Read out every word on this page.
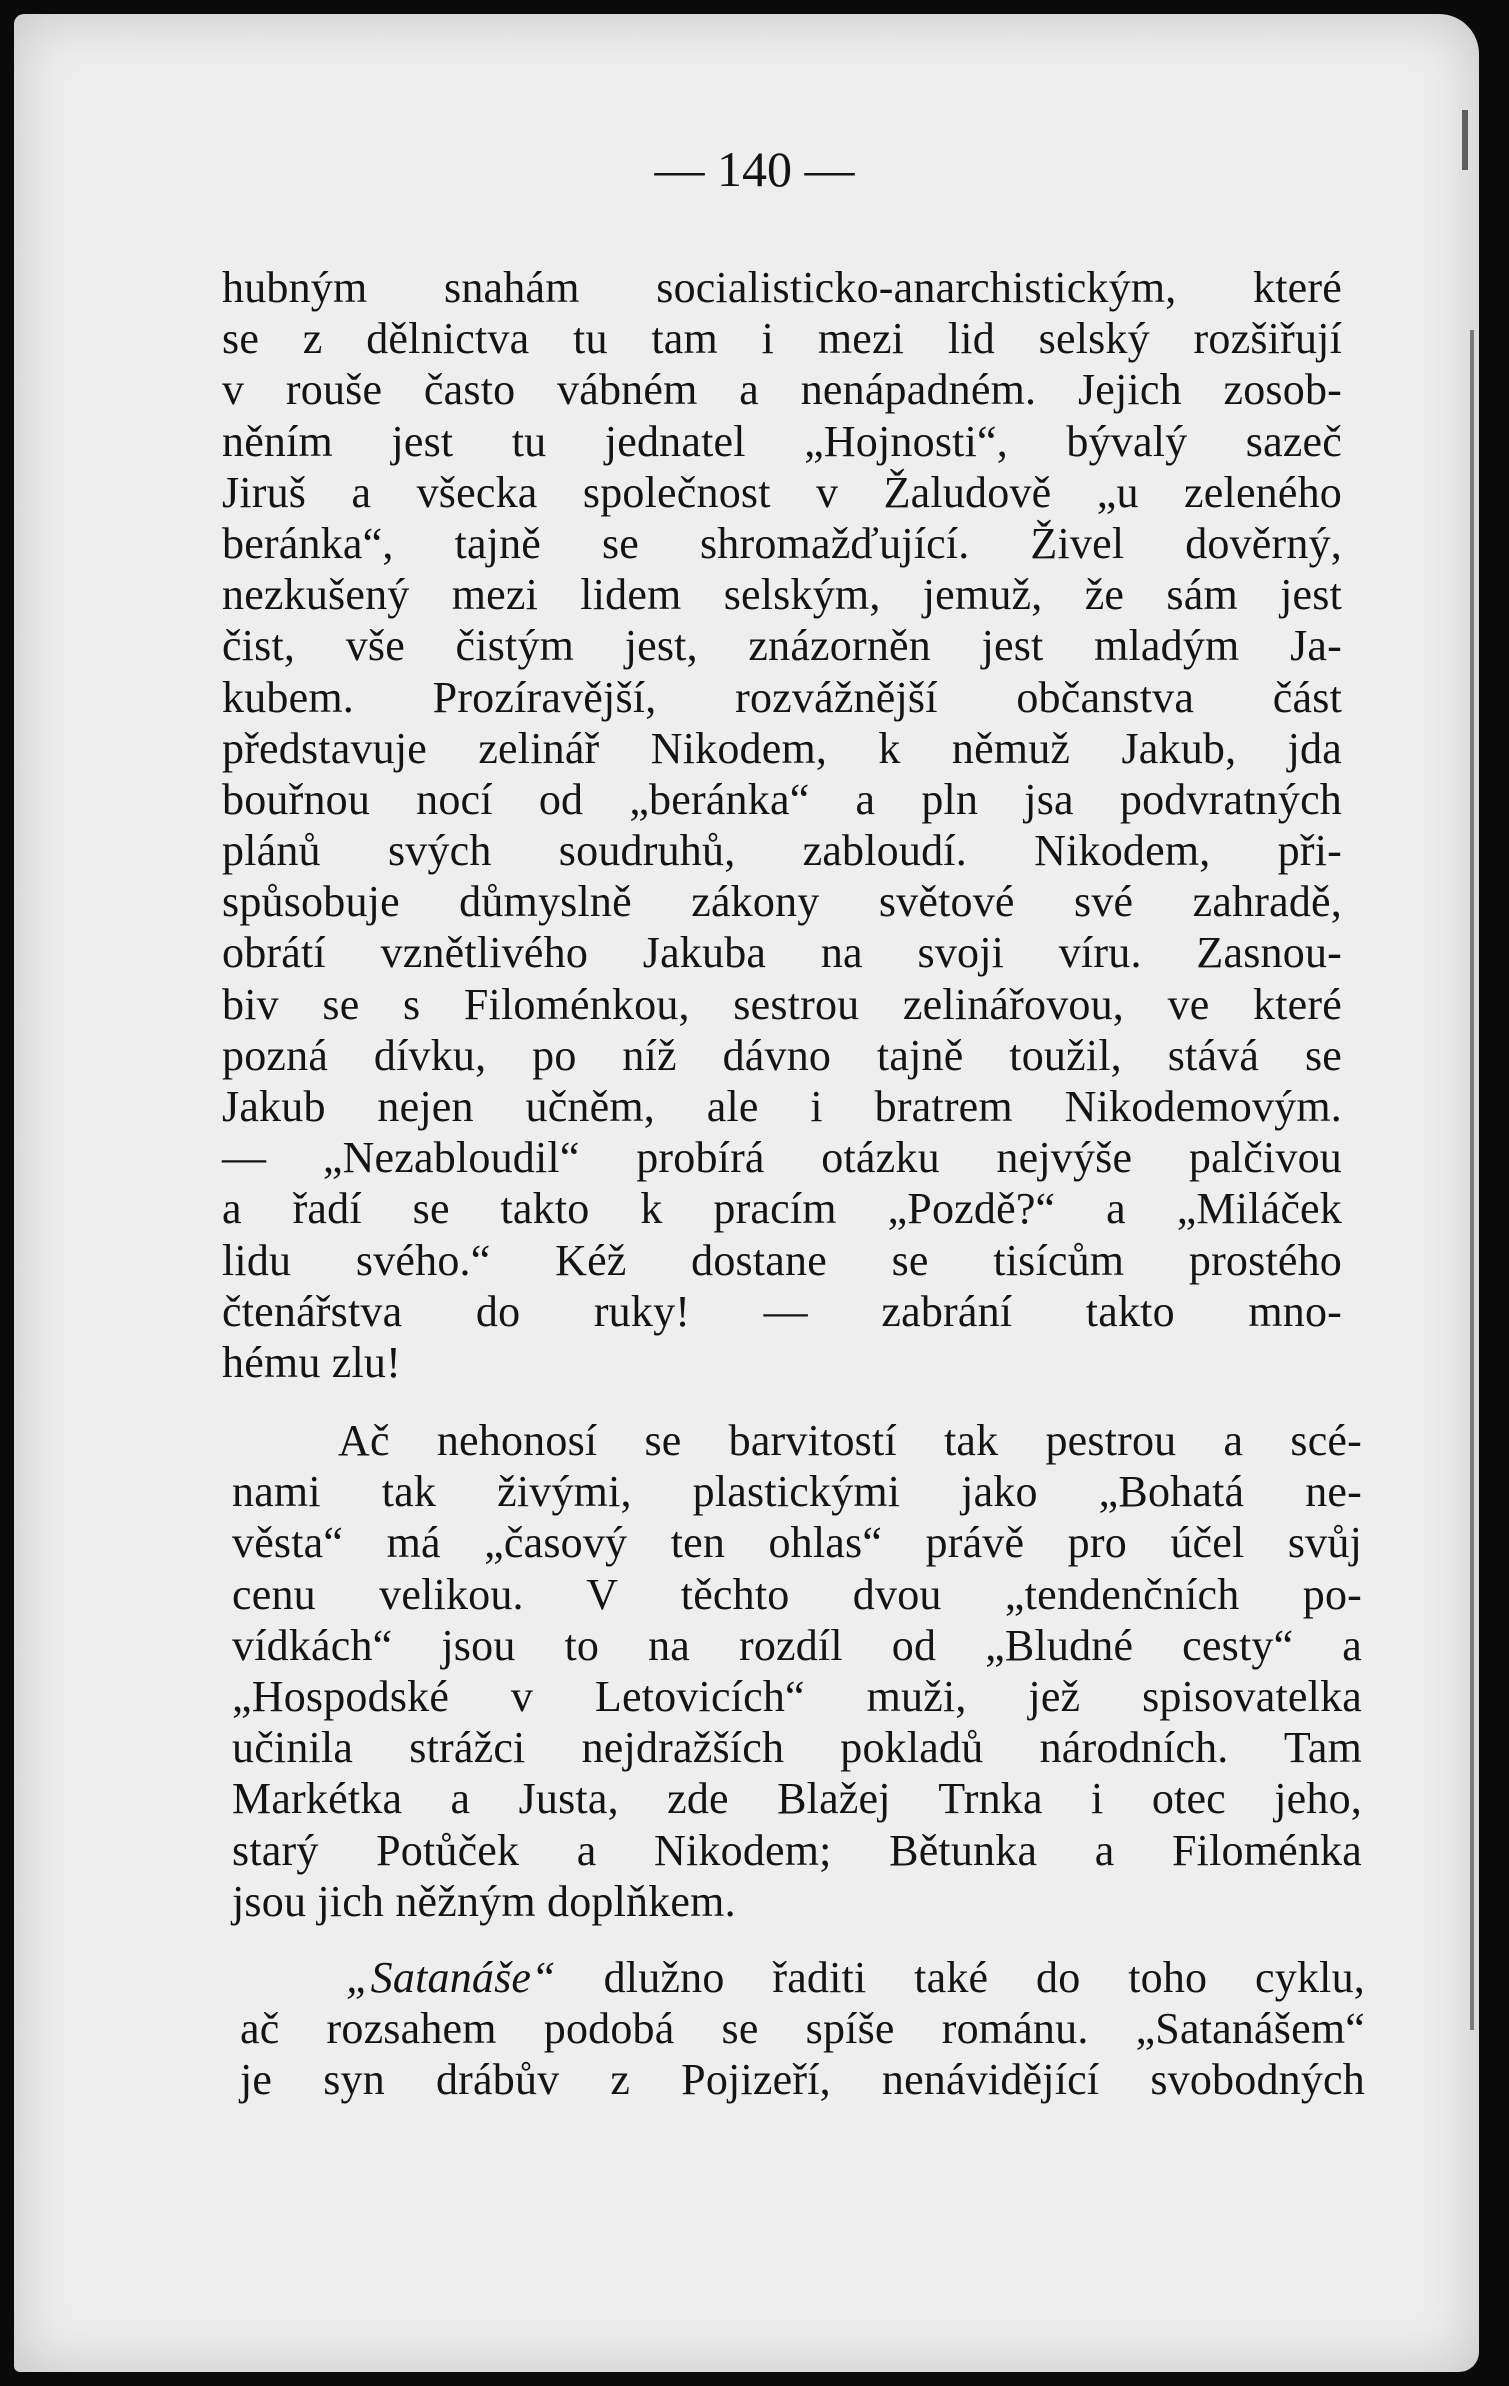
— 140 —
hubným snahám socialisticko-anarchistickým, které
se z dělnictva tu tam i mezi lid selský rozšiřují
v rouše často vábném a nenápadném. Jejich zosob-
něním jest tu jednatel „Hojnosti“, bývalý sazeč
Jiruš a všecka společnost v Žaludově „u zeleného
beránka“, tajně se shromažďující. Živel dověrný,
nezkušený mezi lidem selským, jemuž, že sám jest
čist, vše čistým jest, znázorněn jest mladým Ja-
kubem. Prozíravější, rozvážnější občanstva část
představuje zelinář Nikodem, k němuž Jakub, jda
bouřnou nocí od „beránka“ a pln jsa podvratných
plánů svých soudruhů, zabloudí. Nikodem, při-
spůsobuje důmyslně zákony světové své zahradě,
obrátí vznětlivého Jakuba na svoji víru. Zasnou-
biv se s Filoménkou, sestrou zelinářovou, ve které
pozná dívku, po níž dávno tajně toužil, stává se
Jakub nejen učněm, ale i bratrem Nikodemovým.
— „Nezabloudil“ probírá otázku nejvýše palčivou
a řadí se takto k pracím „Pozdě?“ a „Miláček
lidu svého.“ Kéž dostane se tisícům prostého
čtenářstva do ruky! — zabrání takto mno-
hému zlu!
Ač nehonosí se barvitostí tak pestrou a scé-
nami tak živými, plastickými jako „Bohatá ne-
věsta“ má „časový ten ohlas“ právě pro účel svůj
cenu velikou. V těchto dvou „tendenčních po-
vídkách“ jsou to na rozdíl od „Bludné cesty“ a
„Hospodské v Letovicích“ muži, jež spisovatelka
učinila strážci nejdražších pokladů národních. Tam
Markétka a Justa, zde Blažej Trnka i otec jeho,
starý Potůček a Nikodem; Bětunka a Filoménka
jsou jich něžným doplňkem.
„Satanáše“ dlužno řaditi také do toho cyklu,
ač rozsahem podobá se spíše románu. „Satanášem“
je syn drábův z Pojizeří, nenávidějící svobodných
